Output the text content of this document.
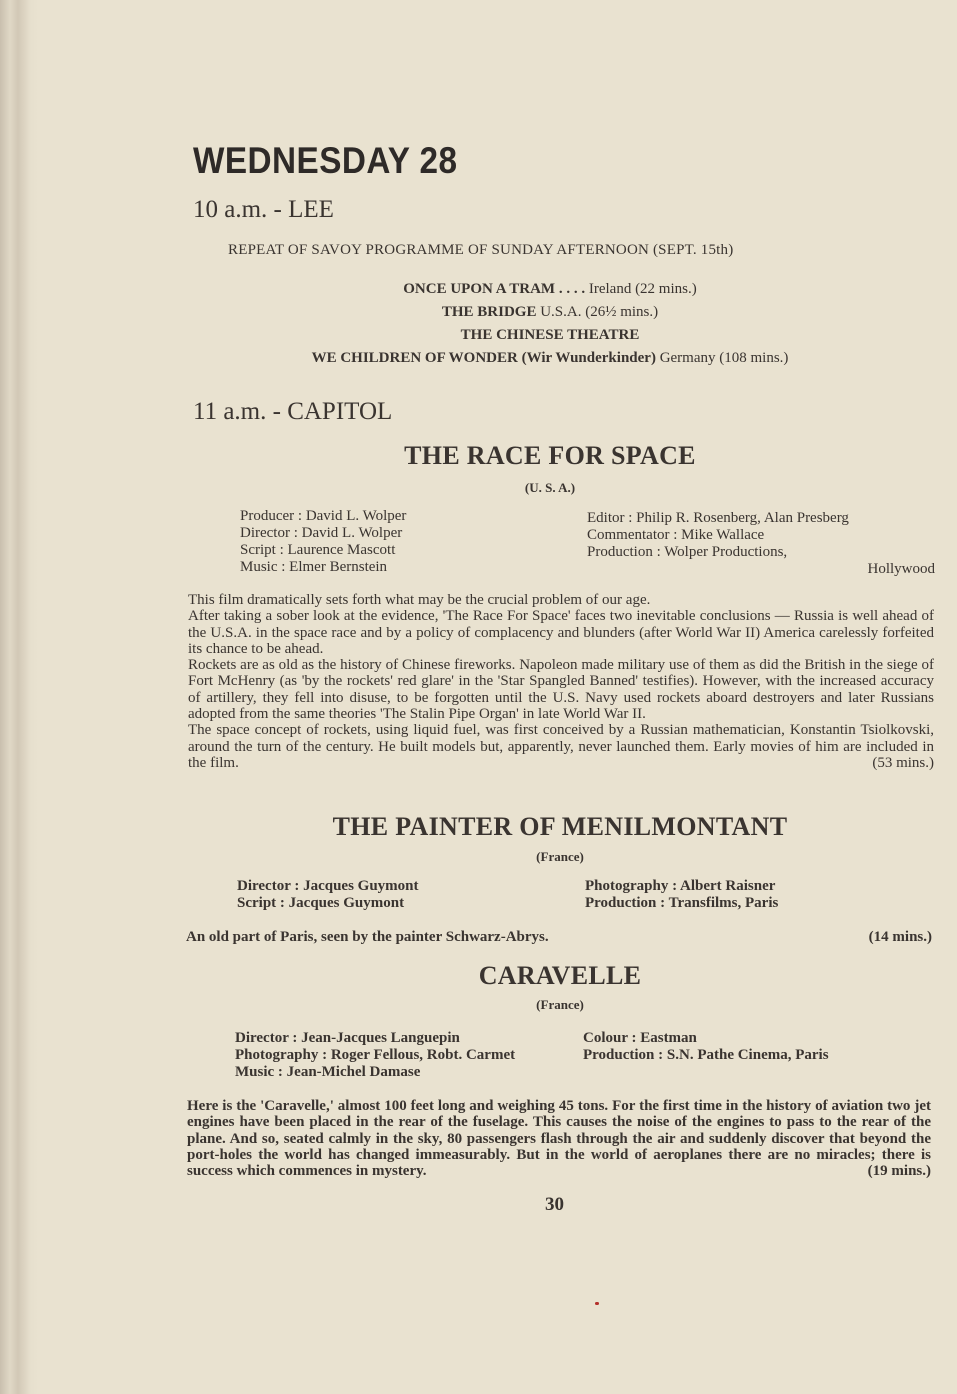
WEDNESDAY 28
10 a.m. - LEE
REPEAT OF SAVOY PROGRAMME OF SUNDAY AFTERNOON (SEPT. 15th)
ONCE UPON A TRAM . . . . Ireland (22 mins.)
THE BRIDGE U.S.A. (26½ mins.)
THE CHINESE THEATRE
WE CHILDREN OF WONDER (Wir Wunderkinder) Germany (108 mins.)
11 a.m. - CAPITOL
THE RACE FOR SPACE
(U. S. A.)
Producer : David L. Wolper
Director : David L. Wolper
Script : Laurence Mascott
Music : Elmer Bernstein
Editor : Philip R. Rosenberg, Alan Presberg
Commentator : Mike Wallace
Production : Wolper Productions,
Hollywood

This film dramatically sets forth what may be the crucial problem of our age.

After taking a sober look at the evidence, 'The Race For Space' faces two inevitable conclusions — Russia is well ahead of the U.S.A. in the space race and by a policy of complacency and blunders (after World War II) America carelessly forfeited its chance to be ahead.

Rockets are as old as the history of Chinese fireworks. Napoleon made military use of them as did the British in the siege of Fort McHenry (as 'by the rockets' red glare' in the 'Star Spangled Banned' testifies). However, with the increased accuracy of artillery, they fell into disuse, to be forgotten until the U.S. Navy used rockets aboard destroyers and later Russians adopted from the same theories 'The Stalin Pipe Organ' in late World War II.

The space concept of rockets, using liquid fuel, was first conceived by a Russian mathematician, Konstantin Tsiolkovski, around the turn of the century. He built models but, apparently, never launched them. Early movies of him are included in the film.	(53 mins.)

THE PAINTER OF MENILMONTANT
(France)
Director : Jacques Guymont
Script : Jacques Guymont
Photography : Albert Raisner
Production : Transfilms, Paris
An old part of Paris, seen by the painter Schwarz-Abrys.	(14 mins.)
CARAVELLE
(France)
Director : Jean-Jacques Languepin
Photography : Roger Fellous, Robt. Carmet
Music : Jean-Michel Damase
Colour : Eastman
Production : S.N. Pathe Cinema, Paris
Here is the 'Caravelle,' almost 100 feet long and weighing 45 tons. For the first time in the history of aviation two jet engines have been placed in the rear of the fuselage. This causes the noise of the engines to pass to the rear of the plane. And so, seated calmly in the sky, 80 passengers flash through the air and suddenly discover that beyond the port-holes the world has changed immeasurably. But in the world of aeroplanes there are no miracles; there is success which commences in mystery.	(19 mins.)
30
